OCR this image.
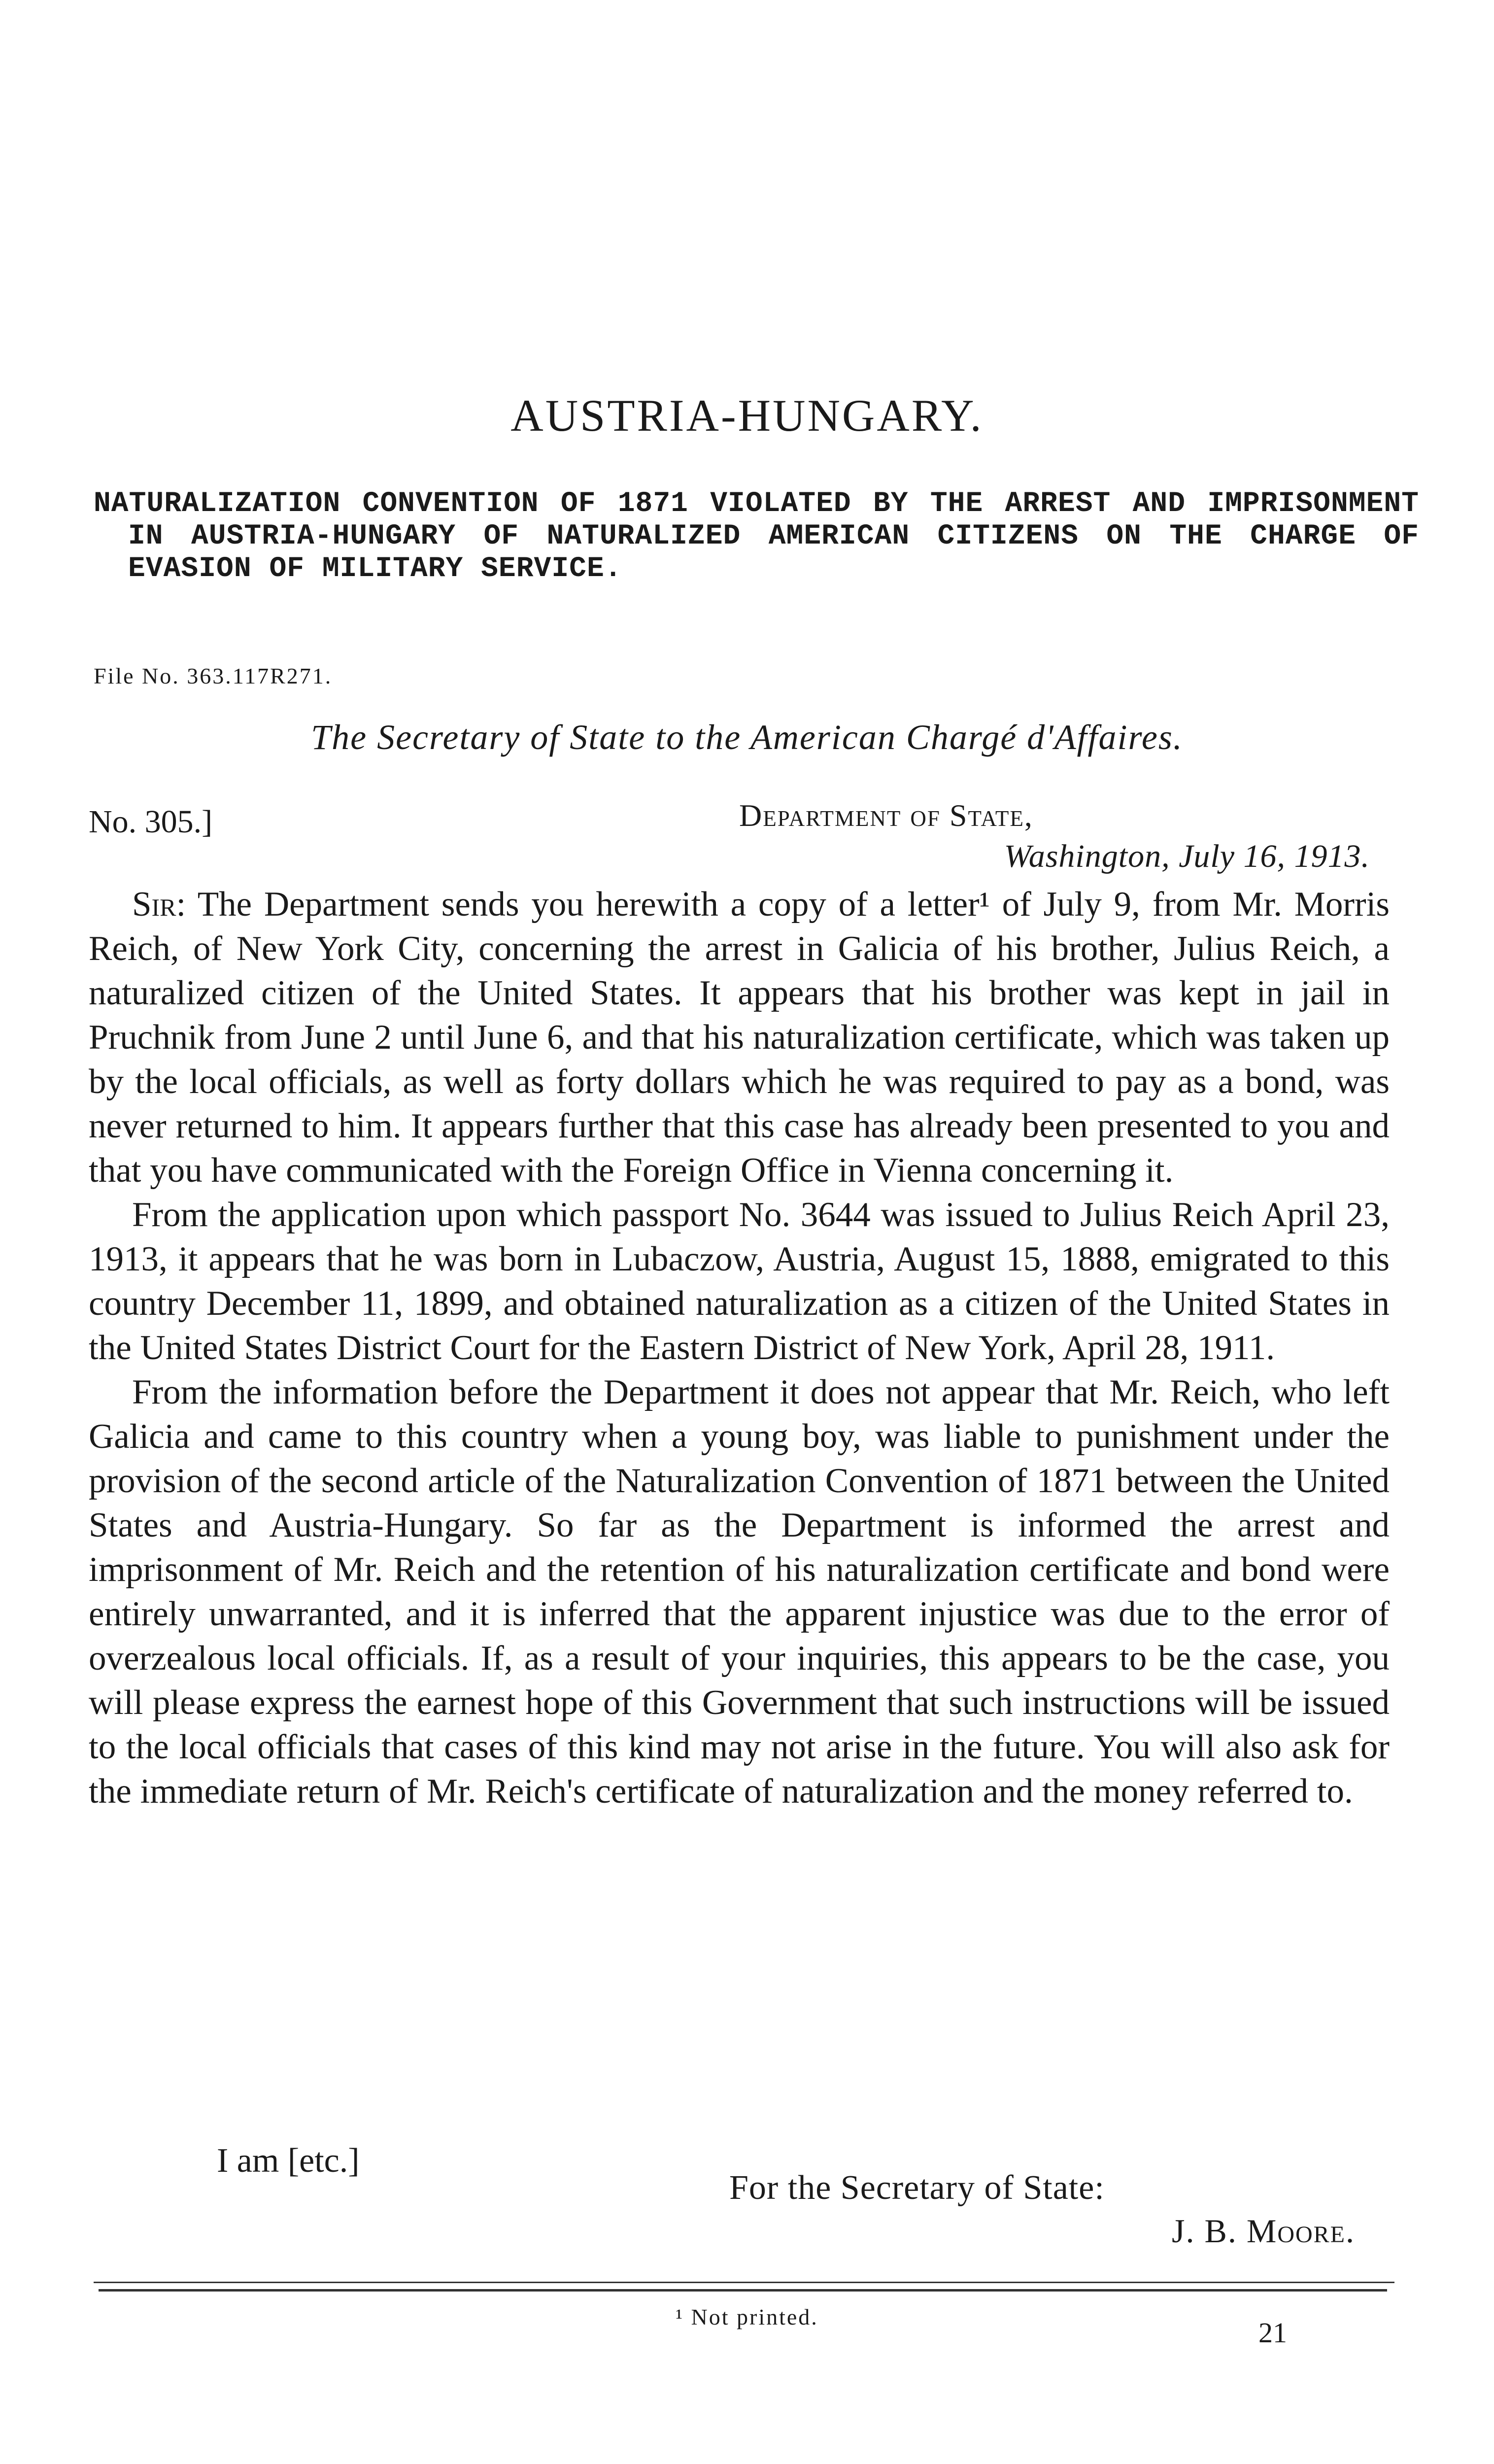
AUSTRIA-HUNGARY.
NATURALIZATION CONVENTION OF 1871 VIOLATED BY THE ARREST AND IMPRISONMENT IN AUSTRIA-HUNGARY OF NATURALIZED AMERICAN CITIZENS ON THE CHARGE OF EVASION OF MILITARY SERVICE.
File No. 363.117R271.
The Secretary of State to the American Chargé d'Affaires.
No. 305.]	Department of State,
Washington, July 16, 1913.

Sir: The Department sends you herewith a copy of a letter¹ of July 9, from Mr. Morris Reich, of New York City, concerning the arrest in Galicia of his brother, Julius Reich, a naturalized citizen of the United States. It appears that his brother was kept in jail in Pruchnik from June 2 until June 6, and that his naturalization certificate, which was taken up by the local officials, as well as forty dollars which he was required to pay as a bond, was never returned to him. It appears further that this case has already been presented to you and that you have communicated with the Foreign Office in Vienna concerning it.

From the application upon which passport No. 3644 was issued to Julius Reich April 23, 1913, it appears that he was born in Lubaczow, Austria, August 15, 1888, emigrated to this country December 11, 1899, and obtained naturalization as a citizen of the United States in the United States District Court for the Eastern District of New York, April 28, 1911.

From the information before the Department it does not appear that Mr. Reich, who left Galicia and came to this country when a young boy, was liable to punishment under the provision of the second article of the Naturalization Convention of 1871 between the United States and Austria-Hungary. So far as the Department is informed the arrest and imprisonment of Mr. Reich and the retention of his naturalization certificate and bond were entirely unwarranted, and it is inferred that the apparent injustice was due to the error of overzealous local officials. If, as a result of your inquiries, this appears to be the case, you will please express the earnest hope of this Government that such instructions will be issued to the local officials that cases of this kind may not arise in the future. You will also ask for the immediate return of Mr. Reich's certificate of naturalization and the money referred to.

I am [etc.]
For the Secretary of State:
J. B. Moore.
¹ Not printed.	21
